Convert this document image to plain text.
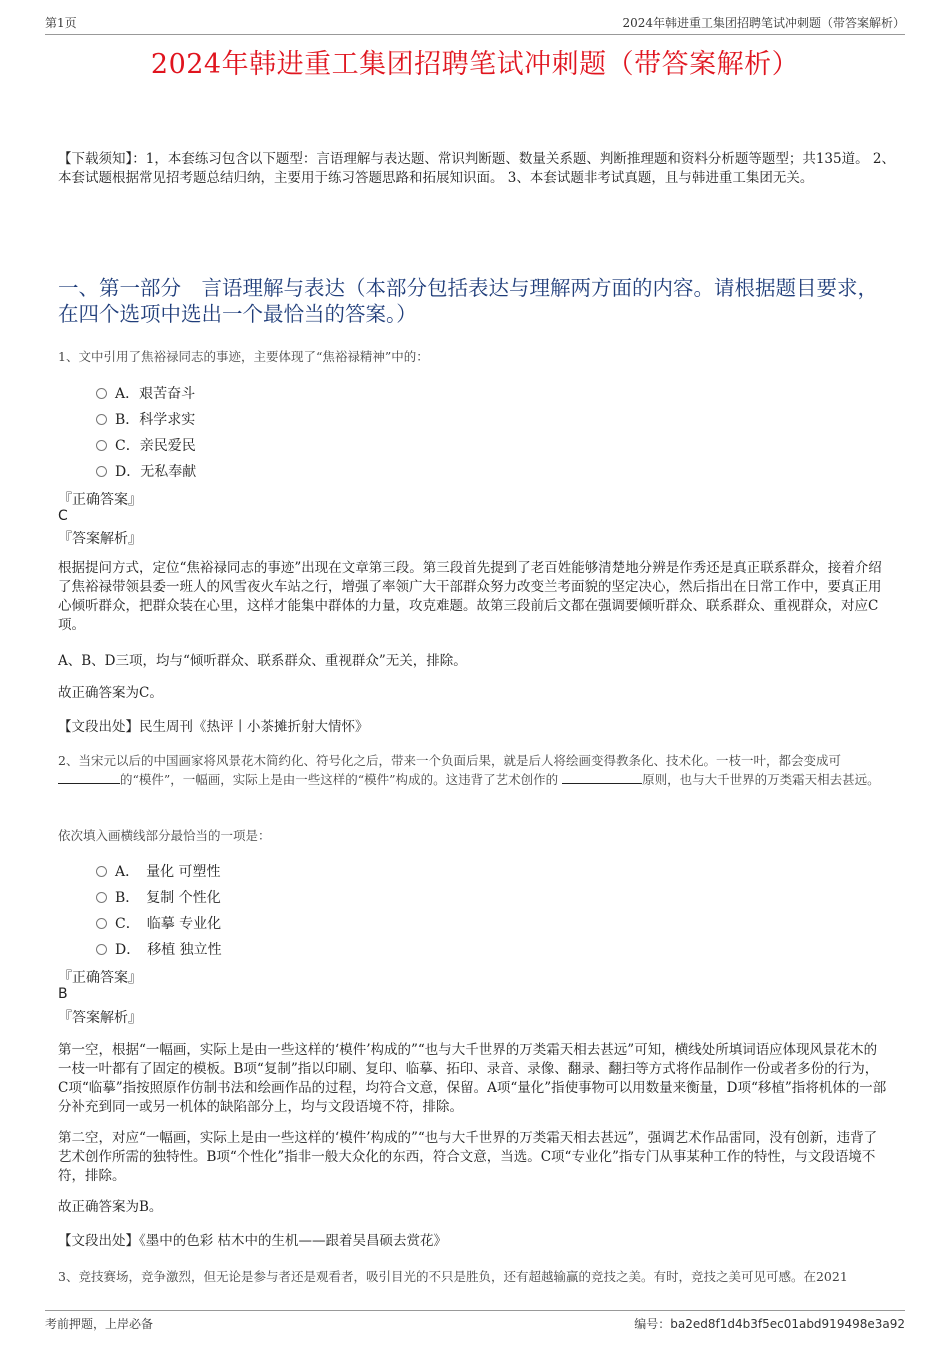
第1页	2024年韩进重工集团招聘笔试冲刺题（带答案解析）
2024年韩进重工集团招聘笔试冲刺题（带答案解析）
【下载须知】：1，本套练习包含以下题型：言语理解与表达题、常识判断题、数量关系题、判断推理题和资料分析题等题型；共135道。 2、本套试题根据常见招考题总结归纳，主要用于练习答题思路和拓展知识面。 3、本套试题非考试真题，且与韩进重工集团无关。
一、第一部分　言语理解与表达（本部分包括表达与理解两方面的内容。请根据题目要求，在四个选项中选出一个最恰当的答案。）
1、文中引用了焦裕禄同志的事迹，主要体现了“焦裕禄精神”中的：
A．艰苦奋斗
B．科学求实
C．亲民爱民
D．无私奉献
『正确答案』
C
『答案解析』
根据提问方式，定位“焦裕禄同志的事迹”出现在文章第三段。第三段首先提到了老百姓能够清楚地分辨是作秀还是真正联系群众，接着介绍了焦裕禄带领县委一班人的风雪夜火车站之行，增强了率领广大干部群众努力改变兰考面貌的坚定决心，然后指出在日常工作中，要真正用心倾听群众，把群众装在心里，这样才能集中群体的力量，攻克难题。故第三段前后文都在强调要倾听群众、联系群众、重视群众，对应C项。
A、B、D三项，均与“倾听群众、联系群众、重视群众”无关，排除。
故正确答案为C。
【文段出处】民生周刊《热评丨小茶摊折射大情怀》
2、当宋元以后的中国画家将风景花木简约化、符号化之后，带来一个负面后果，就是后人将绘画变得教条化、技术化。一枝一叶，都会变成可的“模件”，一幅画，实际上是由一些这样的“模件”构成的。这违背了艺术创作的	原则，也与大千世界的万类霜天相去甚远。
依次填入画横线部分最恰当的一项是：
A．　量化 可塑性
B．　复制 个性化
C．　临摹 专业化
D．　移植 独立性
『正确答案』
B
『答案解析』
第一空，根据“一幅画，实际上是由一些这样的‘模件’构成的”“也与大千世界的万类霜天相去甚远”可知，横线处所填词语应体现风景花木的一枝一叶都有了固定的模板。B项“复制”指以印刷、复印、临摹、拓印、录音、录像、翻录、翻扫等方式将作品制作一份或者多份的行为，C项“临摹”指按照原作仿制书法和绘画作品的过程，均符合文意，保留。A项“量化”指使事物可以用数量来衡量，D项“移植”指将机体的一部分补充到同一或另一机体的缺陷部分上，均与文段语境不符，排除。
第二空，对应“一幅画，实际上是由一些这样的‘模件’构成的”“也与大千世界的万类霜天相去甚远”，强调艺术作品雷同，没有创新，违背了艺术创作所需的独特性。B项“个性化”指非一般大众化的东西，符合文意，当选。C项“专业化”指专门从事某种工作的特性，与文段语境不符，排除。
故正确答案为B。
【文段出处】《墨中的色彩 枯木中的生机——跟着吴昌硕去赏花》
3、竞技赛场，竞争激烈，但无论是参与者还是观看者，吸引目光的不只是胜负，还有超越输赢的竞技之美。有时，竞技之美可见可感。在2021
考前押题，上岸必备	编号：ba2ed8f1d4b3f5ec01abd919498e3a92
